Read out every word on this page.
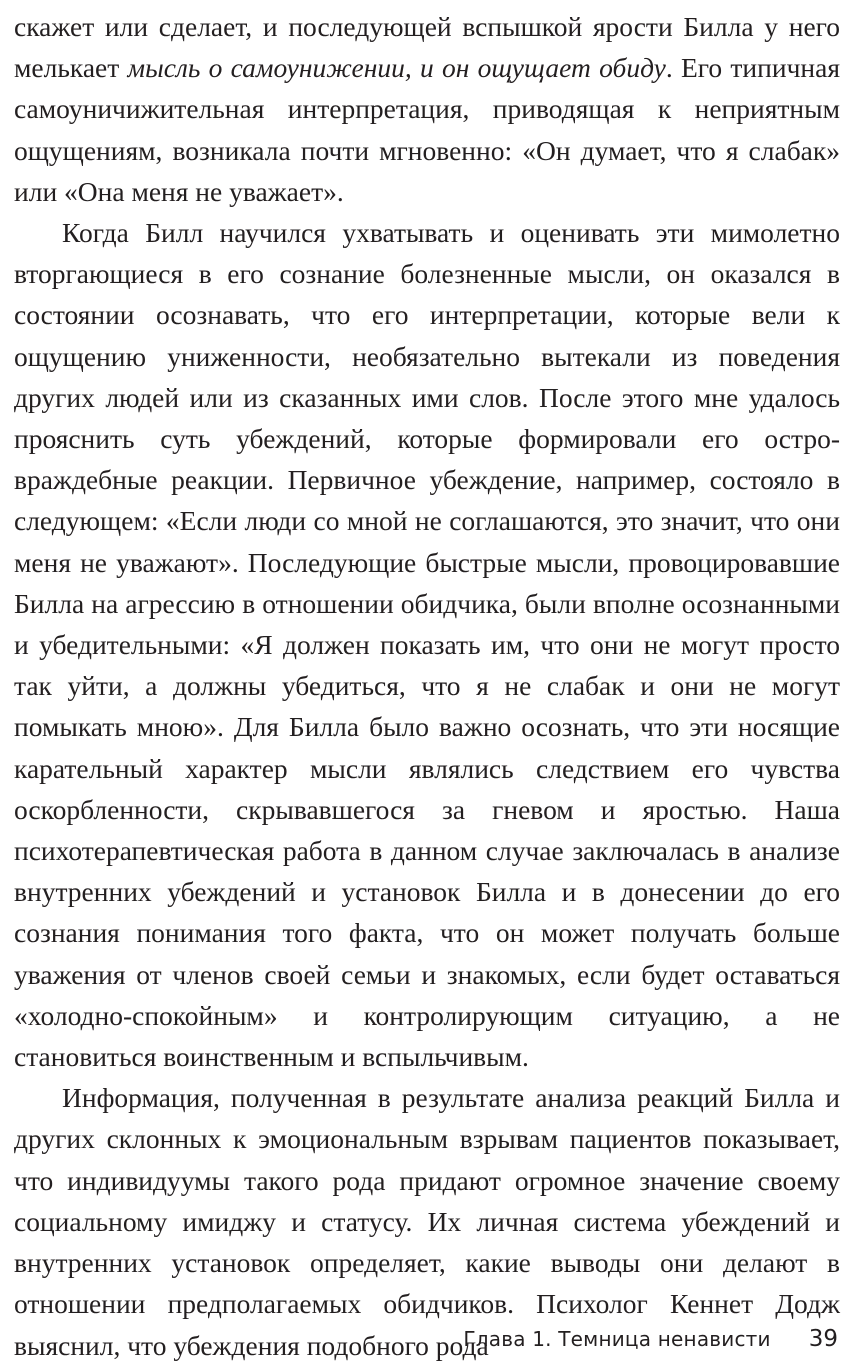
скажет или сделает, и последующей вспышкой ярости Билла у него мелькает мысль о самоунижении, и он ощущает обиду. Его типичная самоуничижительная интерпретация, приводящая к неприятным ощущениям, возникала почти мгновенно: «Он думает, что я слабак» или «Она меня не уважает».

Когда Билл научился ухватывать и оценивать эти мимолетно вторгающиеся в его сознание болезненные мысли, он оказался в состоянии осознавать, что его интерпретации, которые вели к ощущению униженности, необязательно вытекали из поведения других людей или из сказанных ими слов. После этого мне удалось прояснить суть убеждений, которые формировали его остро-враждебные реакции. Первичное убеждение, например, состояло в следующем: «Если люди со мной не соглашаются, это значит, что они меня не уважают». Последующие быстрые мысли, провоцировавшие Билла на агрессию в отношении обидчика, были вполне осознанными и убедительными: «Я должен показать им, что они не могут просто так уйти, а должны убедиться, что я не слабак и они не могут помыкать мною». Для Билла было важно осознать, что эти носящие карательный характер мысли являлись следствием его чувства оскорбленности, скрывавшегося за гневом и яростью. Наша психотерапевтическая работа в данном случае заключалась в анализе внутренних убеждений и установок Билла и в донесении до его сознания понимания того факта, что он может получать больше уважения от членов своей семьи и знакомых, если будет оставаться «холодно-спокойным» и контролирующим ситуацию, а не становиться воинственным и вспыльчивым.

Информация, полученная в результате анализа реакций Билла и других склонных к эмоциональным взрывам пациентов показывает, что индивидуумы такого рода придают огромное значение своему социальному имиджу и статусу. Их личная система убеждений и внутренних установок определяет, какие выводы они делают в отношении предполагаемых обидчиков. Психолог Кеннет Додж выяснил, что убеждения подобного рода

Глава 1. Темница ненависти 39
